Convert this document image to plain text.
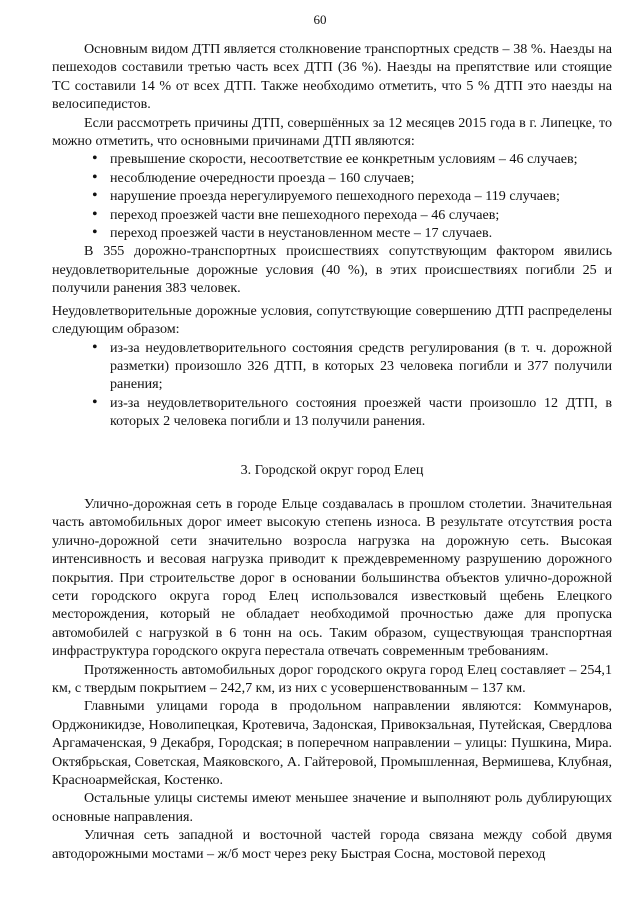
60

Основным видом ДТП является столкновение транспортных средств – 38 %. Наезды на пешеходов составили третью часть всех ДТП (36 %). Наезды на препятствие или стоящие ТС составили 14 % от всех ДТП. Также необходимо отметить, что 5 % ДТП это наезды на велосипедистов.

Если рассмотреть причины ДТП, совершённых за 12 месяцев 2015 года в г. Липецке, то можно отметить, что основными причинами ДТП являются:

• превышение скорости, несоответствие ее конкретным условиям – 46 случаев;
• несоблюдение очередности проезда – 160 случаев;
• нарушение проезда нерегулируемого пешеходного перехода – 119 случаев;
• переход проезжей части вне пешеходного перехода – 46 случаев;
• переход проезжей части в неустановленном месте – 17 случаев.

В 355 дорожно-транспортных происшествиях сопутствующим фактором явились неудовлетворительные дорожные условия (40 %), в этих происшествиях погибли 25 и получили ранения 383 человек.

Неудовлетворительные дорожные условия, сопутствующие совершению ДТП распределены следующим образом:

• из-за неудовлетворительного состояния средств регулирования (в т. ч. дорожной разметки) произошло 326 ДТП, в которых 23 человека погибли и 377 получили ранения;
• из-за неудовлетворительного состояния проезжей части произошло 12 ДТП, в которых 2 человека погибли и 13 получили ранения.
3. Городской округ город Елец

Улично-дорожная сеть в городе Ельце создавалась в прошлом столетии. Значительная часть автомобильных дорог имеет высокую степень износа. В результате отсутствия роста улично-дорожной сети значительно возросла нагрузка на дорожную сеть. Высокая интенсивность и весовая нагрузка приводит к преждевременному разрушению дорожного покрытия. При строительстве дорог в основании большинства объектов улично-дорожной сети городского округа город Елец использовался известковый щебень Елецкого месторождения, который не обладает необходимой прочностью даже для пропуска автомобилей с нагрузкой в 6 тонн на ось. Таким образом, существующая транспортная инфраструктура городского округа перестала отвечать современным требованиям.

Протяженность автомобильных дорог городского округа город Елец составляет – 254,1 км, с твердым покрытием – 242,7 км, из них с усовершенствованным – 137 км.

Главными улицами города в продольном направлении являются: Коммунаров, Орджоникидзе, Новолипецкая, Кротевича, Задонская, Привокзальная, Путейская, Свердлова Аргамаченская, 9 Декабря, Городская; в поперечном направлении – улицы: Пушкина, Мира. Октябрьская, Советская, Маяковского, А. Гайтеровой, Промышленная, Вермишева, Клубная, Красноармейская, Костенко.

Остальные улицы системы имеют меньшее значение и выполняют роль дублирующих основные направления.

Уличная сеть западной и восточной частей города связана между собой двумя автодорожными мостами – ж/б мост через реку Быстрая Сосна, мостовой переход
